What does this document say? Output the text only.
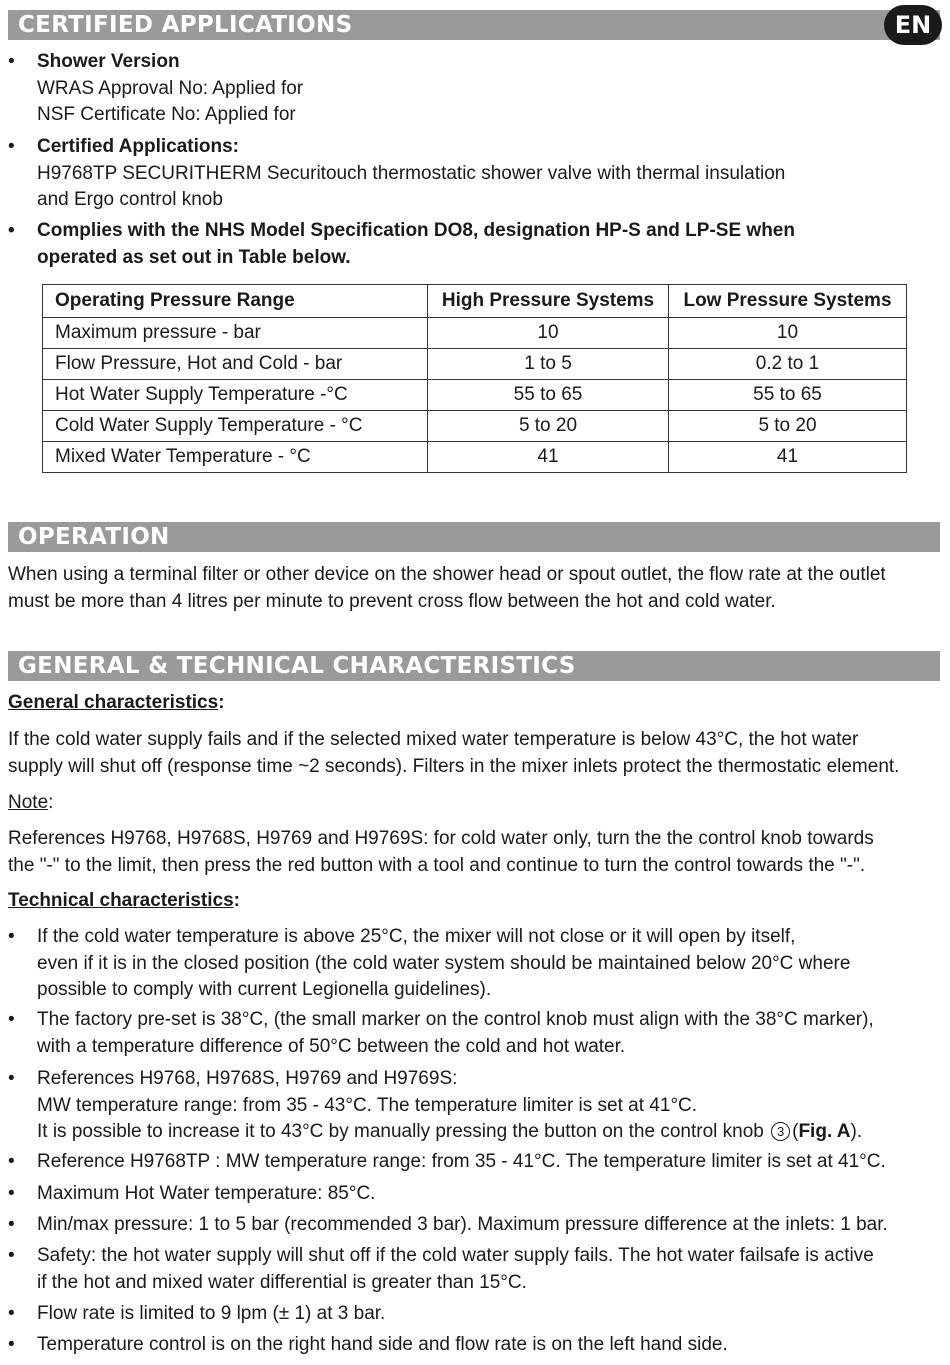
CERTIFIED APPLICATIONS	EN
•	Shower Version
WRAS Approval No: Applied for
NSF Certificate No: Applied for
•	Certified Applications:
H9768TP SECURITHERM Securitouch thermostatic shower valve with thermal insulation
and Ergo control knob
•	Complies with the NHS Model Specification DO8, designation HP-S and LP-SE when
operated as set out in Table below.
Operating Pressure Range	High Pressure Systems	Low Pressure Systems
Maximum pressure - bar	10	10
Flow Pressure, Hot and Cold - bar	1 to 5	0.2 to 1
Hot Water Supply Temperature -°C	55 to 65	55 to 65
Cold Water Supply Temperature - °C	5 to 20	5 to 20
Mixed Water Temperature - °C	41	41
OPERATION
When using a terminal filter or other device on the shower head or spout outlet, the flow rate at the outlet
must be more than 4 litres per minute to prevent cross flow between the hot and cold water.
GENERAL & TECHNICAL CHARACTERISTICS
General characteristics:
If the cold water supply fails and if the selected mixed water temperature is below 43°C, the hot water
supply will shut off (response time ~2 seconds). Filters in the mixer inlets protect the thermostatic element.
Note:
References H9768, H9768S, H9769 and H9769S: for cold water only, turn the the control knob towards
the "-" to the limit, then press the red button with a tool and continue to turn the control towards the "-".
Technical characteristics:
•	If the cold water temperature is above 25°C, the mixer will not close or it will open by itself,
even if it is in the closed position (the cold water system should be maintained below 20°C where
possible to comply with current Legionella guidelines).
•	The factory pre-set is 38°C, (the small marker on the control knob must align with the 38°C marker),
with a temperature difference of 50°C between the cold and hot water.
•	References H9768, H9768S, H9769 and H9769S:
MW temperature range: from 35 - 43°C. The temperature limiter is set at 41°C.
It is possible to increase it to 43°C by manually pressing the button on the control knob 3 (Fig. A).
•	Reference H9768TP : MW temperature range: from 35 - 41°C. The temperature limiter is set at 41°C.
•	Maximum Hot Water temperature: 85°C.
•	Min/max pressure: 1 to 5 bar (recommended 3 bar). Maximum pressure difference at the inlets: 1 bar.
•	Safety: the hot water supply will shut off if the cold water supply fails. The hot water failsafe is active
if the hot and mixed water differential is greater than 15°C.
•	Flow rate is limited to 9 lpm (± 1) at 3 bar.
•	Temperature control is on the right hand side and flow rate is on the left hand side.
